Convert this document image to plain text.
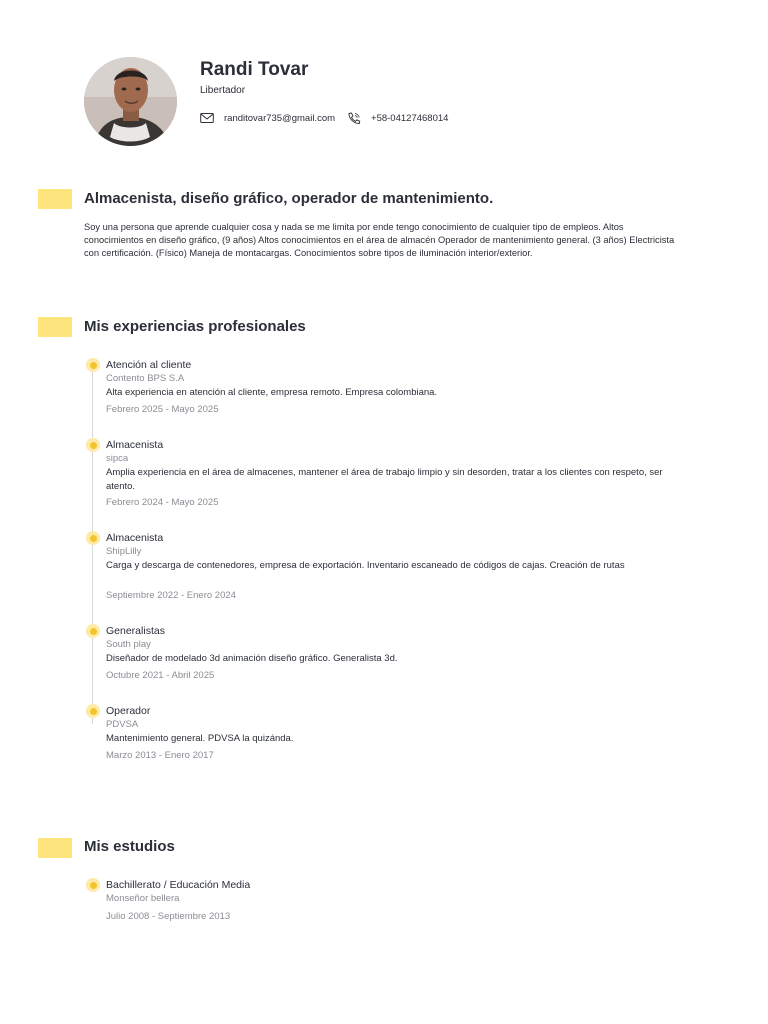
Randi Tovar
Libertador
randitovar735@gmail.com	+58-04127468014
Almacenista, diseño gráfico, operador de mantenimiento.
Soy una persona que aprende cualquier cosa y nada se me limita por ende tengo conocimiento de cualquier tipo de empleos. Altos conocimientos en diseño gráfico, (9 años) Altos conocimientos en el área de almacén Operador de mantenimiento general. (3 años) Electricista con certificación. (Físico) Maneja de montacargas. Conocimientos sobre tipos de iluminación interior/exterior.
Mis experiencias profesionales
Atención al cliente
Contento BPS S.A
Alta experiencia en atención al cliente, empresa remoto. Empresa colombiana.
Febrero 2025 - Mayo 2025
Almacenista
sipca
Amplia experiencia en el área de almacenes, mantener el área de trabajo limpio y sin desorden, tratar a los clientes con respeto, ser atento.
Febrero 2024 - Mayo 2025
Almacenista
ShipLilly
Carga y descarga de contenedores, empresa de exportación. Inventario escaneado de códigos de cajas. Creación de rutas
Septiembre 2022 - Enero 2024
Generalistas
South play
Diseñador de modelado 3d animación diseño gráfico. Generalista 3d.
Octubre 2021 - Abril 2025
Operador
PDVSA
Mantenimiento general. PDVSA la quizánda.
Marzo 2013 - Enero 2017
Mis estudios
Bachillerato / Educación Media
Monseñor bellera
Julio 2008 - Septiembre 2013
